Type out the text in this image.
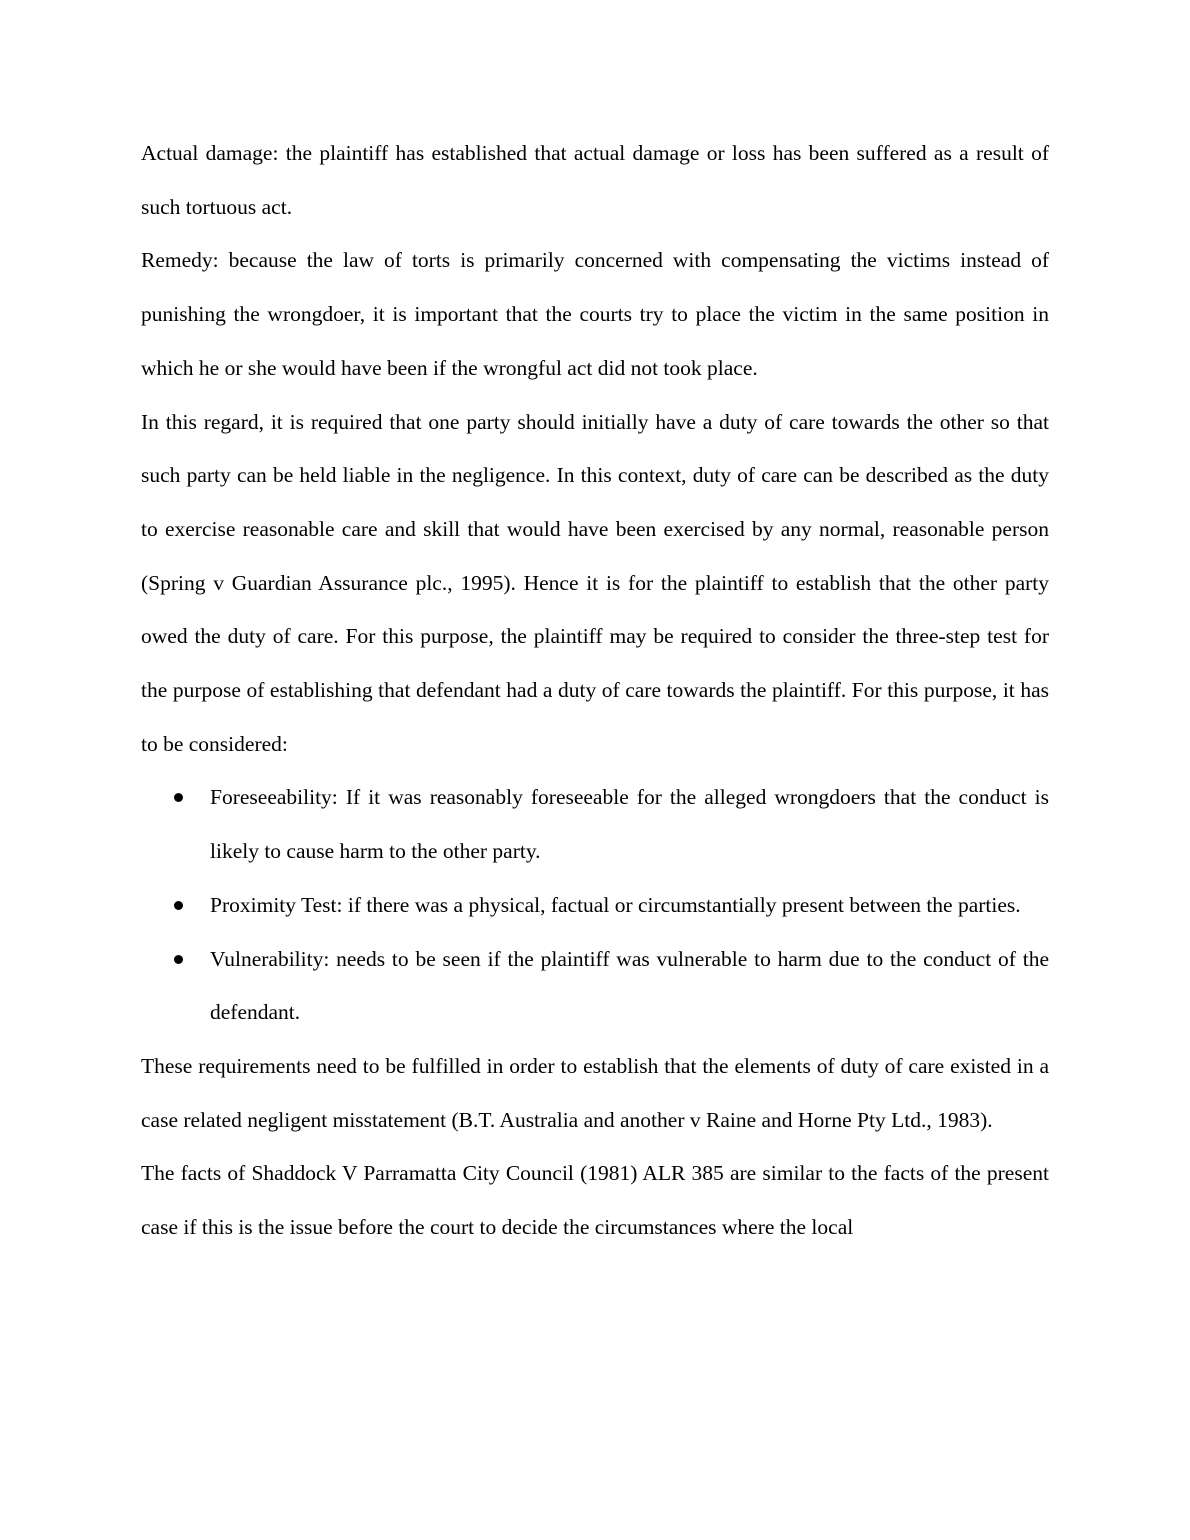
Actual damage: the plaintiff has established that actual damage or loss has been suffered as a result of such tortuous act.

Remedy: because the law of torts is primarily concerned with compensating the victims instead of punishing the wrongdoer, it is important that the courts try to place the victim in the same position in which he or she would have been if the wrongful act did not took place.

In this regard, it is required that one party should initially have a duty of care towards the other so that such party can be held liable in the negligence. In this context, duty of care can be described as the duty to exercise reasonable care and skill that would have been exercised by any normal, reasonable person (Spring v Guardian Assurance plc., 1995). Hence it is for the plaintiff to establish that the other party owed the duty of care. For this purpose, the plaintiff may be required to consider the three-step test for the purpose of establishing that defendant had a duty of care towards the plaintiff. For this purpose, it has to be considered:

Foreseeability: If it was reasonably foreseeable for the alleged wrongdoers that the conduct is likely to cause harm to the other party.
Proximity Test: if there was a physical, factual or circumstantially present between the parties.
Vulnerability: needs to be seen if the plaintiff was vulnerable to harm due to the conduct of the defendant.

These requirements need to be fulfilled in order to establish that the elements of duty of care existed in a case related negligent misstatement (B.T. Australia and another v Raine and Horne Pty Ltd., 1983).

The facts of Shaddock V Parramatta City Council (1981) ALR 385 are similar to the facts of the present case if this is the issue before the court to decide the circumstances where the local
